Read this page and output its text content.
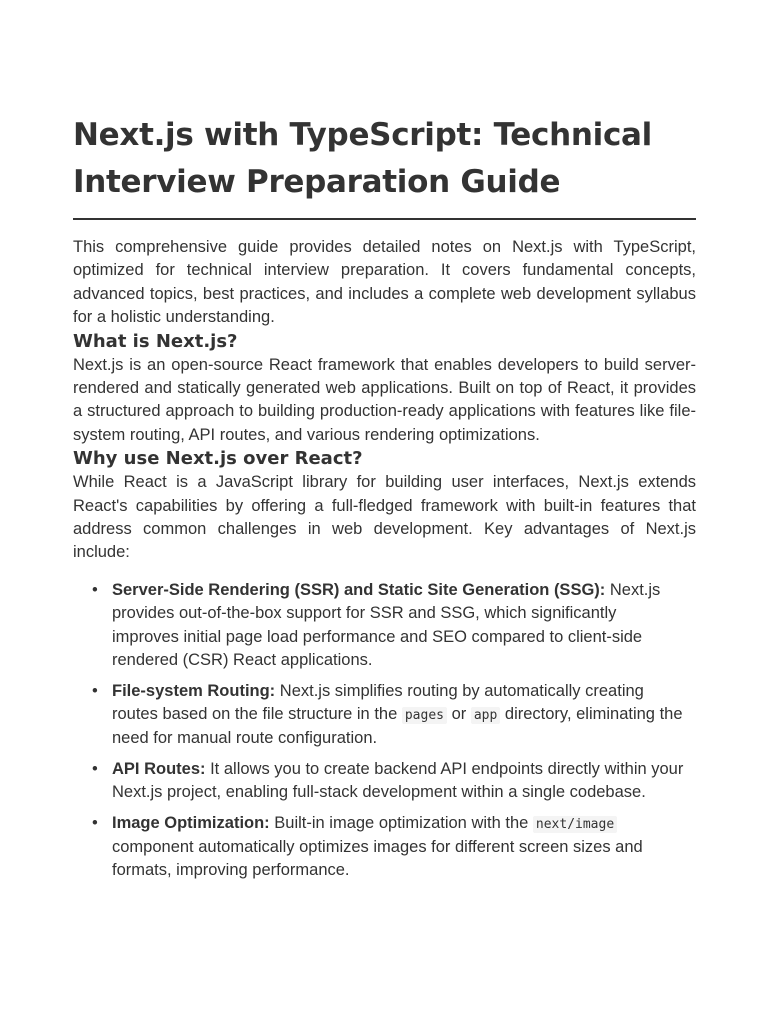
Next.js with TypeScript: Technical Interview Preparation Guide

This comprehensive guide provides detailed notes on Next.js with TypeScript, optimized for technical interview preparation. It covers fundamental concepts, advanced topics, best practices, and includes a complete web development syllabus for a holistic understanding.

What is Next.js?

Next.js is an open-source React framework that enables developers to build server-rendered and statically generated web applications. Built on top of React, it provides a structured approach to building production-ready applications with features like file-system routing, API routes, and various rendering optimizations.

Why use Next.js over React?

While React is a JavaScript library for building user interfaces, Next.js extends React's capabilities by offering a full-fledged framework with built-in features that address common challenges in web development. Key advantages of Next.js include:

• Server-Side Rendering (SSR) and Static Site Generation (SSG): Next.js provides out-of-the-box support for SSR and SSG, which significantly improves initial page load performance and SEO compared to client-side rendered (CSR) React applications.
• File-system Routing: Next.js simplifies routing by automatically creating routes based on the file structure in the pages or app directory, eliminating the need for manual route configuration.
• API Routes: It allows you to create backend API endpoints directly within your Next.js project, enabling full-stack development within a single codebase.
• Image Optimization: Built-in image optimization with the next/image component automatically optimizes images for different screen sizes and formats, improving performance.
